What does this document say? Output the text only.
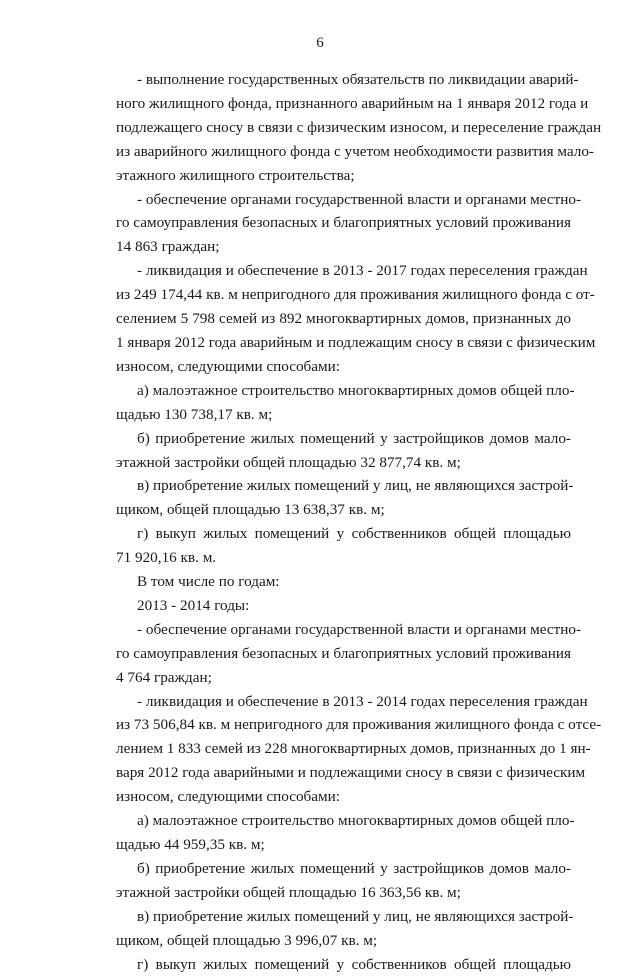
6
- выполнение государственных обязательств по ликвидации аварий-
ного жилищного фонда, признанного аварийным на 1 января 2012 года и
подлежащего сносу в связи с физическим износом, и переселение граждан
из аварийного жилищного фонда с учетом необходимости развития мало-
этажного жилищного строительства;
- обеспечение органами государственной власти и органами местно-
го самоуправления безопасных и благоприятных условий проживания
14 863 граждан;
- ликвидация и обеспечение в 2013 - 2017 годах переселения граждан
из 249 174,44 кв. м непригодного для проживания жилищного фонда с от-
селением 5 798 семей из 892 многоквартирных домов, признанных до
1 января 2012 года аварийным и подлежащим сносу в связи с физическим
износом, следующими способами:
а) малоэтажное строительство многоквартирных домов общей пло-
щадью 130 738,17 кв. м;
б) приобретение жилых помещений у застройщиков домов мало-
этажной застройки общей площадью 32 877,74 кв. м;
в) приобретение жилых помещений у лиц, не являющихся застрой-
щиком, общей площадью 13 638,37 кв. м;
г) выкуп жилых помещений у собственников общей площадью
71 920,16 кв. м.
В том числе по годам:
2013 - 2014 годы:
- обеспечение органами государственной власти и органами местно-
го самоуправления безопасных и благоприятных условий проживания
4 764 граждан;
- ликвидация и обеспечение в 2013 - 2014 годах переселения граждан
из 73 506,84 кв. м непригодного для проживания жилищного фонда с отсе-
лением 1 833 семей из 228 многоквартирных домов, признанных до 1 ян-
варя 2012 года аварийными и подлежащими сносу в связи с физическим
износом, следующими способами:
а) малоэтажное строительство многоквартирных домов общей пло-
щадью 44 959,35 кв. м;
б) приобретение жилых помещений у застройщиков домов мало-
этажной застройки общей площадью 16 363,56 кв. м;
в) приобретение жилых помещений у лиц, не являющихся застрой-
щиком, общей площадью 3 996,07 кв. м;
г) выкуп жилых помещений у собственников общей площадью
